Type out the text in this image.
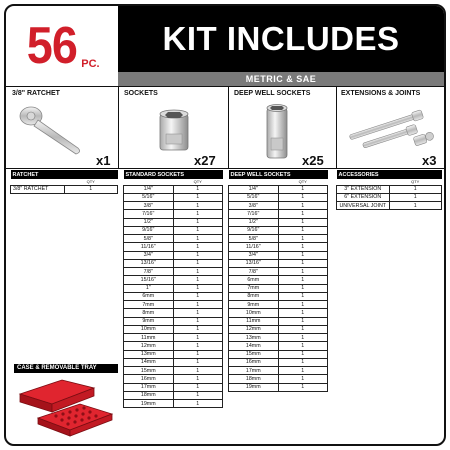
56 PC.
KIT INCLUDES
METRIC & SAE
3/8" RATCHET
x1
SOCKETS
x27
DEEP WELL SOCKETS
x25
EXTENSIONS & JOINTS
x3
RATCHET	
	QTY
3/8" RATCHET	1
STANDARD SOCKETS	
	QTY
1/4"	1
5/16"	1
3/8"	1
7/16"	1
1/2"	1
9/16"	1
5/8"	1
11/16"	1
3/4"	1
13/16"	1
7/8"	1
15/16"	1
1"	1
6mm	1
7mm	1
8mm	1
9mm	1
10mm	1
11mm	1
12mm	1
13mm	1
14mm	1
15mm	1
16mm	1
17mm	1
18mm	1
19mm	1
DEEP WELL SOCKETS	
	QTY
1/4"	1
5/16"	1
3/8"	1
7/16"	1
1/2"	1
9/16"	1
5/8"	1
11/16"	1
3/4"	1
13/16"	1
7/8"	1
6mm	1
7mm	1
8mm	1
9mm	1
10mm	1
11mm	1
12mm	1
13mm	1
14mm	1
15mm	1
16mm	1
17mm	1
18mm	1
19mm	1
ACCESSORIES	
	QTY
3" EXTENSION	1
6" EXTENSION	1
UNIVERSAL JOINT	1
CASE & REMOVABLE TRAY
